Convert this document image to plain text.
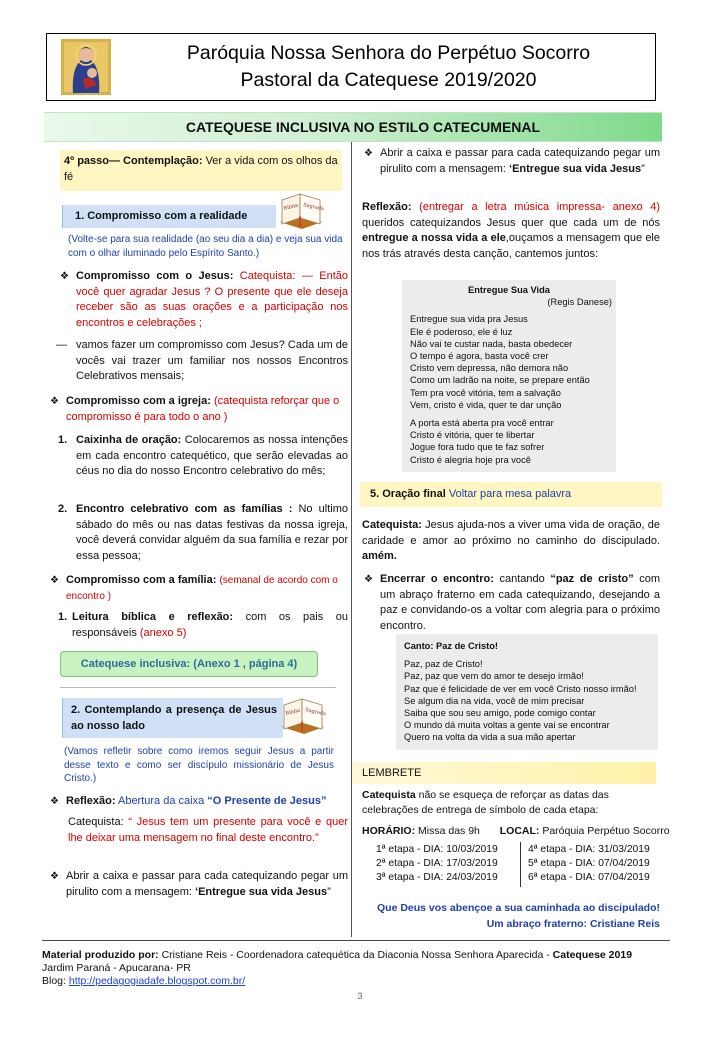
Paróquia Nossa Senhora do Perpétuo Socorro
Pastoral da Catequese 2019/2020
CATEQUESE INCLUSIVA NO ESTILO CATECUMENAL
4º passo— Contemplação: Ver a vida com os olhos da fé
1. Compromisso com a realidade
Bíblia Sagrada
(Volte-se para sua realidade (ao seu dia a dia) e veja sua vida com o olhar iluminado pelo Espírito Santo.)
❖ Compromisso com o Jesus: Catequista: — Então você quer agradar Jesus ? O presente que ele deseja receber são as suas orações e a participação nos encontros e celebrações ;
— vamos fazer um compromisso com Jesus? Cada um de vocês vai trazer um familiar nos nossos Encontros Celebrativos mensais;
❖ Compromisso com a igreja: (catequista reforçar que o compromisso é para todo o ano )
1. Caixinha de oração: Colocaremos as nossa intenções em cada encontro catequético, que serão elevadas ao céus no dia do nosso Encontro celebrativo do mês;
2. Encontro celebrativo com as famílias : No ultimo sábado do mês ou nas datas festivas da nossa igreja, você deverá convidar alguém da sua família e rezar por essa pessoa;
❖ Compromisso com a família: (semanal de acordo com o encontro )
1. Leitura bíblica e reflexão: com os pais ou responsáveis (anexo 5)
Catequese inclusiva: (Anexo 1 , página 4)
2. Contemplando a presença de Jesus ao nosso lado
Bíblia Sagrada
(Vamos refletir sobre como iremos seguir Jesus a partir desse texto e como ser discípulo missionário de Jesus Cristo.)
❖ Reflexão: Abertura da caixa “O Presente de Jesus”
Catequista: “ Jesus tem um presente para você e quer lhe deixar uma mensagem no final deste encontro.”
❖ Abrir a caixa e passar para cada catequizando pegar um pirulito com a mensagem: ‘Entregue sua vida Jesus”
❖ Abrir a caixa e passar para cada catequizando pegar um pirulito com a mensagem: ‘Entregue sua vida Jesus”
Reflexão: (entregar a letra música impressa- anexo 4) queridos catequizandos Jesus quer que cada um de nós entregue a nossa vida a ele,ouçamos a mensagem que ele nos trás através desta canção, cantemos juntos:
Entregue Sua Vida
(Regis Danese)
Entregue sua vida pra Jesus
Ele é poderoso, ele é luz
Não vai te custar nada, basta obedecer
O tempo é agora, basta você crer
Cristo vem depressa, não demora não
Como um ladrão na noite, se prepare então
Tem pra você vitória, tem a salvação
Vem, cristo é vida, quer te dar unção
A porta está aberta pra você entrar
Cristo é vitória, quer te libertar
Jogue fora tudo que te faz sofrer
Cristo é alegria hoje pra você
5. Oração final Voltar para mesa palavra
Catequista: Jesus ajuda-nos a viver uma vida de oração, de caridade e amor ao próximo no caminho do discipulado. amém.
❖ Encerrar o encontro: cantando “paz de cristo” com um abraço fraterno em cada catequizando, desejando a paz e convidando-os a voltar com alegria para o próximo encontro.
Canto: Paz de Cristo!
Paz, paz de Cristo!
Paz, paz que vem do amor te desejo irmão!
Paz que é felicidade de ver em você Cristo nosso irmão!
Se algum dia na vida, você de mim precisar
Saiba que sou seu amigo, pode comigo contar
O mundo dá muita voltas a gente vai se encontrar
Quero na volta da vida a sua mão apertar
LEMBRETE
Catequista não se esqueça de reforçar as datas das celebrações de entrega de símbolo de cada etapa:
HORÁRIO: Missa das 9h LOCAL: Paróquia Perpétuo Socorro
1ª etapa - DIA: 10/03/2019
2ª etapa - DIA: 17/03/2019
3ª etapa - DIA: 24/03/2019
4ª etapa - DIA: 31/03/2019
5ª etapa - DIA: 07/04/2019
6ª etapa - DIA: 07/04/2019
Que Deus vos abençoe a sua caminhada ao discipulado!
Um abraço fraterno: Cristiane Reis
Material produzido por: Cristiane Reis - Coordenadora catequética da Diaconia Nossa Senhora Aparecida - Catequese 2019
Jardim Paraná - Apucarana- PR
Blog: http://pedagogiadafe.blogspot.com.br/
3
